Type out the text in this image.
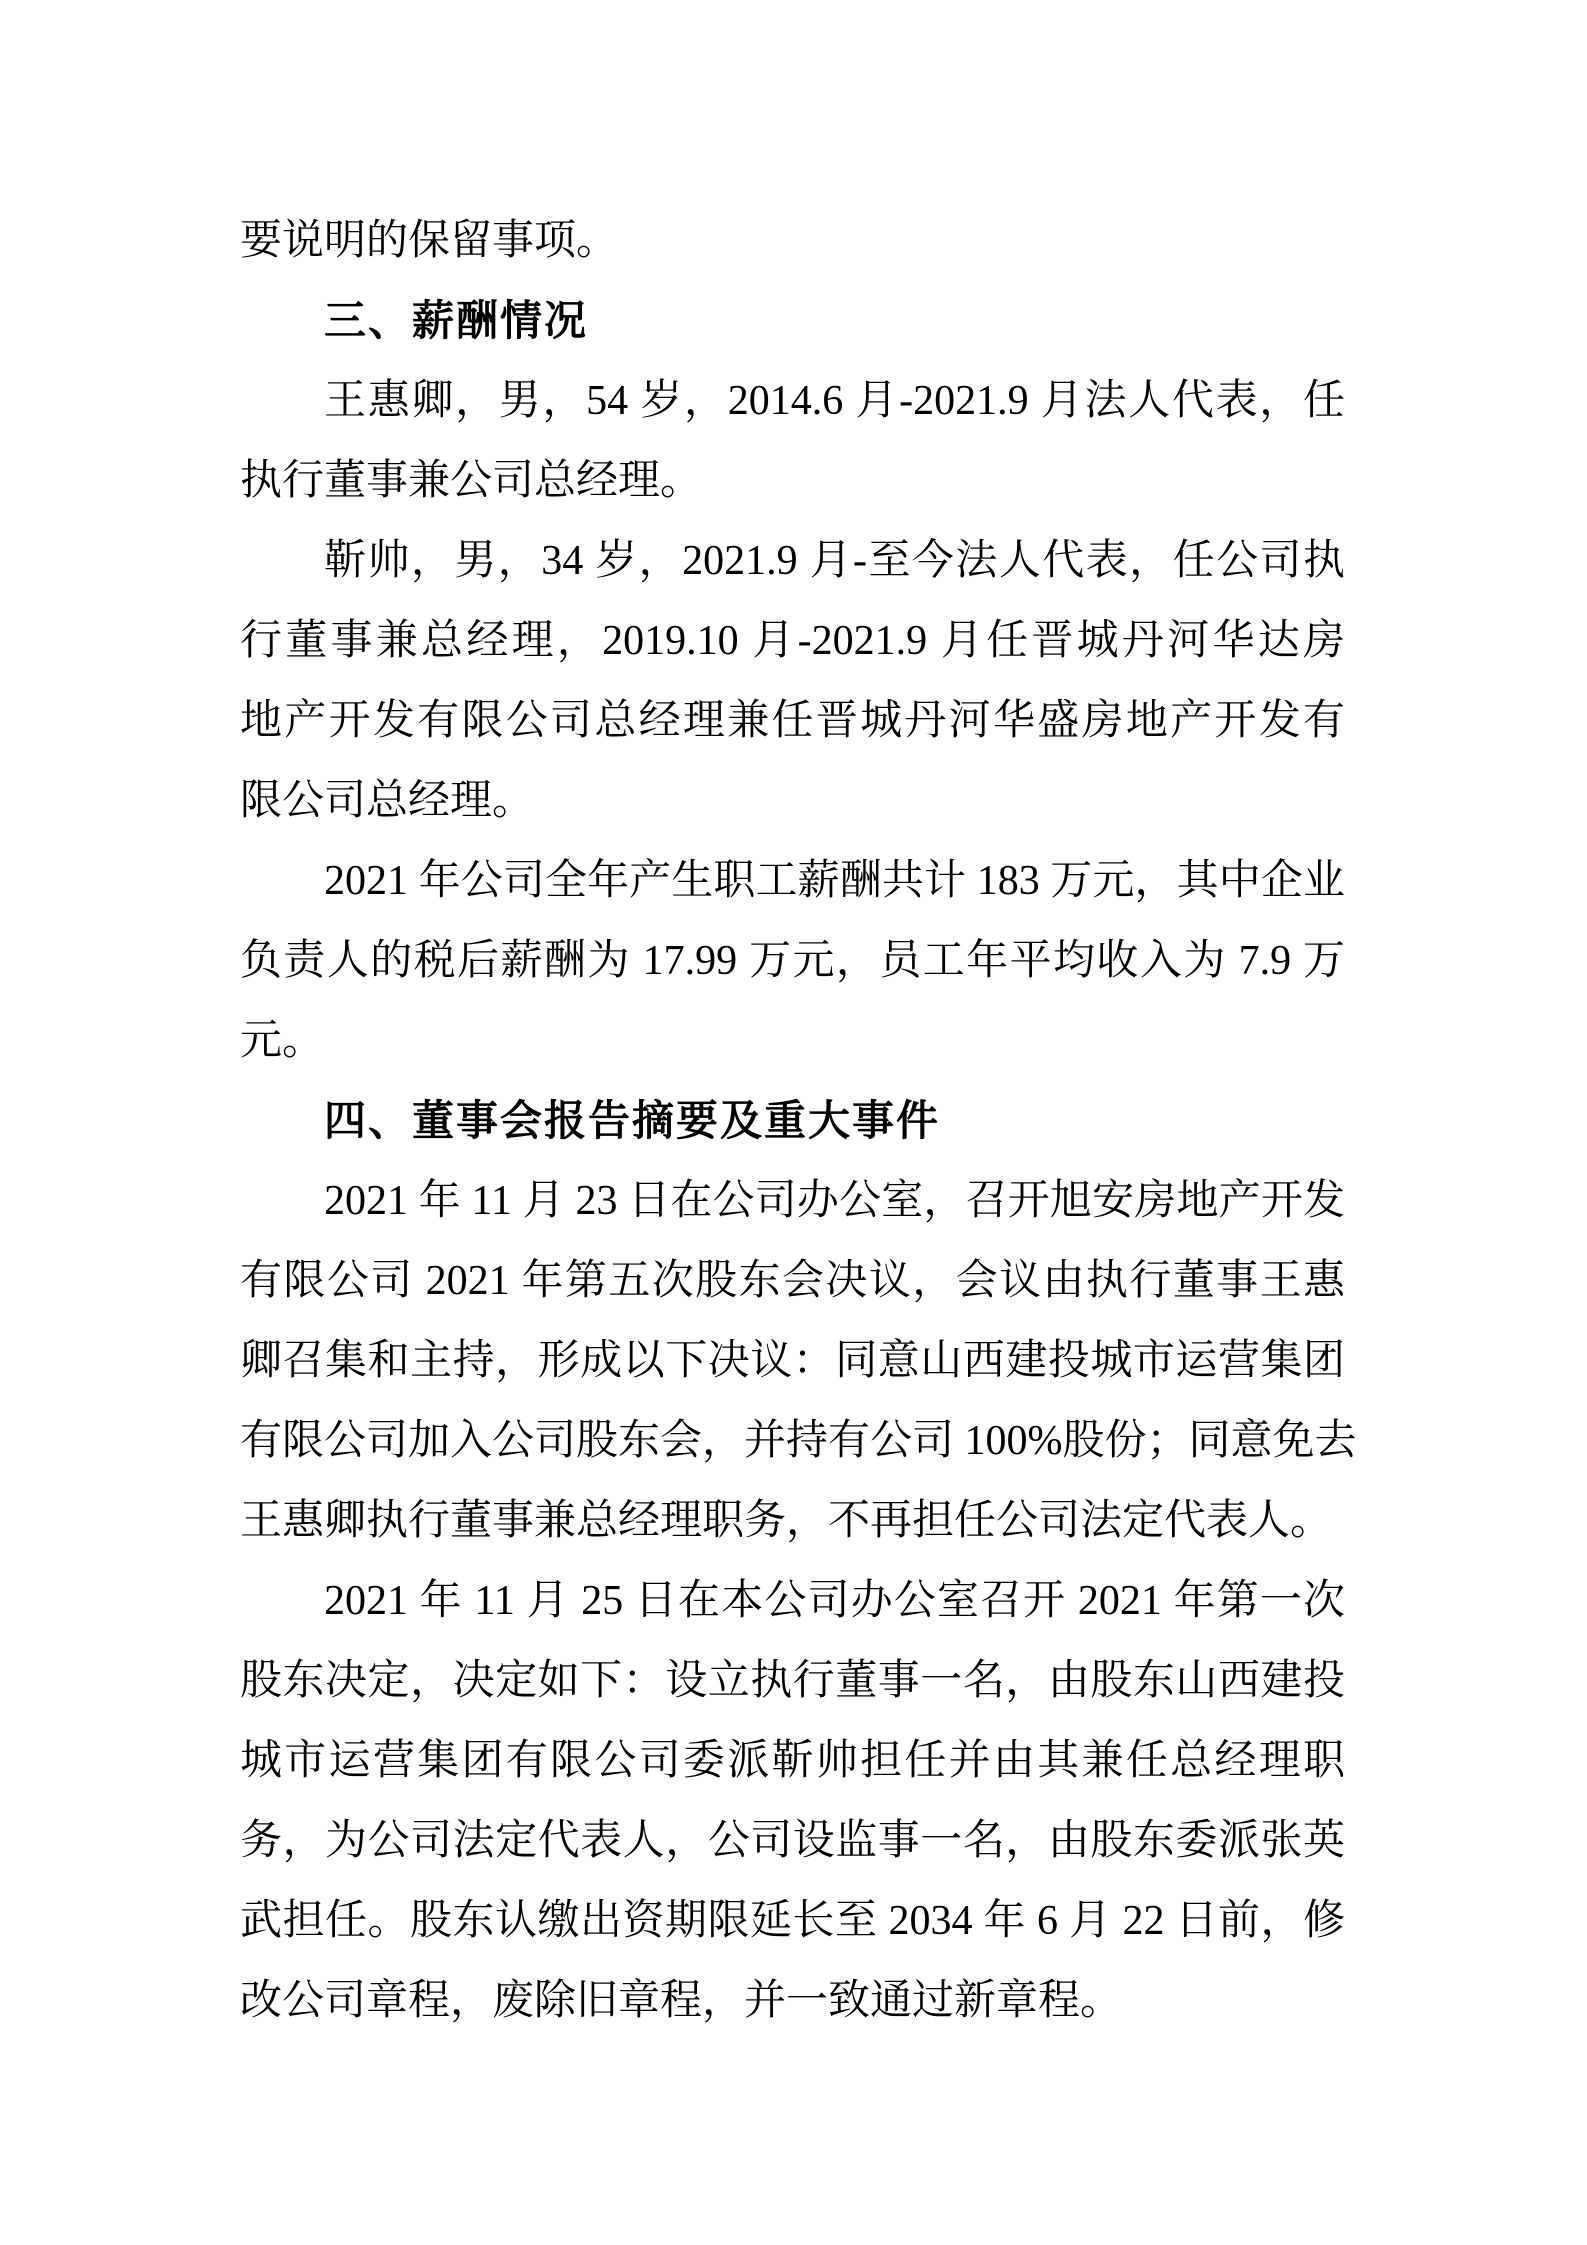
要说明的保留事项。
三、薪酬情况
王惠卿，男，54 岁，2014.6 月-2021.9 月法人代表，任
执行董事兼公司总经理。
靳帅，男，34 岁，2021.9 月-至今法人代表，任公司执
行董事兼总经理，2019.10 月-2021.9 月任晋城丹河华达房
地产开发有限公司总经理兼任晋城丹河华盛房地产开发有
限公司总经理。
2021 年公司全年产生职工薪酬共计 183 万元，其中企业
负责人的税后薪酬为 17.99 万元，员工年平均收入为 7.9 万
元。
四、董事会报告摘要及重大事件
2021 年 11 月 23 日在公司办公室，召开旭安房地产开发
有限公司 2021 年第五次股东会决议，会议由执行董事王惠
卿召集和主持，形成以下决议：同意山西建投城市运营集团
有限公司加入公司股东会，并持有公司 100%股份；同意免去
王惠卿执行董事兼总经理职务，不再担任公司法定代表人。
2021 年 11 月 25 日在本公司办公室召开 2021 年第一次
股东决定，决定如下：设立执行董事一名，由股东山西建投
城市运营集团有限公司委派靳帅担任并由其兼任总经理职
务，为公司法定代表人，公司设监事一名，由股东委派张英
武担任。股东认缴出资期限延长至 2034 年 6 月 22 日前，修
改公司章程，废除旧章程，并一致通过新章程。
